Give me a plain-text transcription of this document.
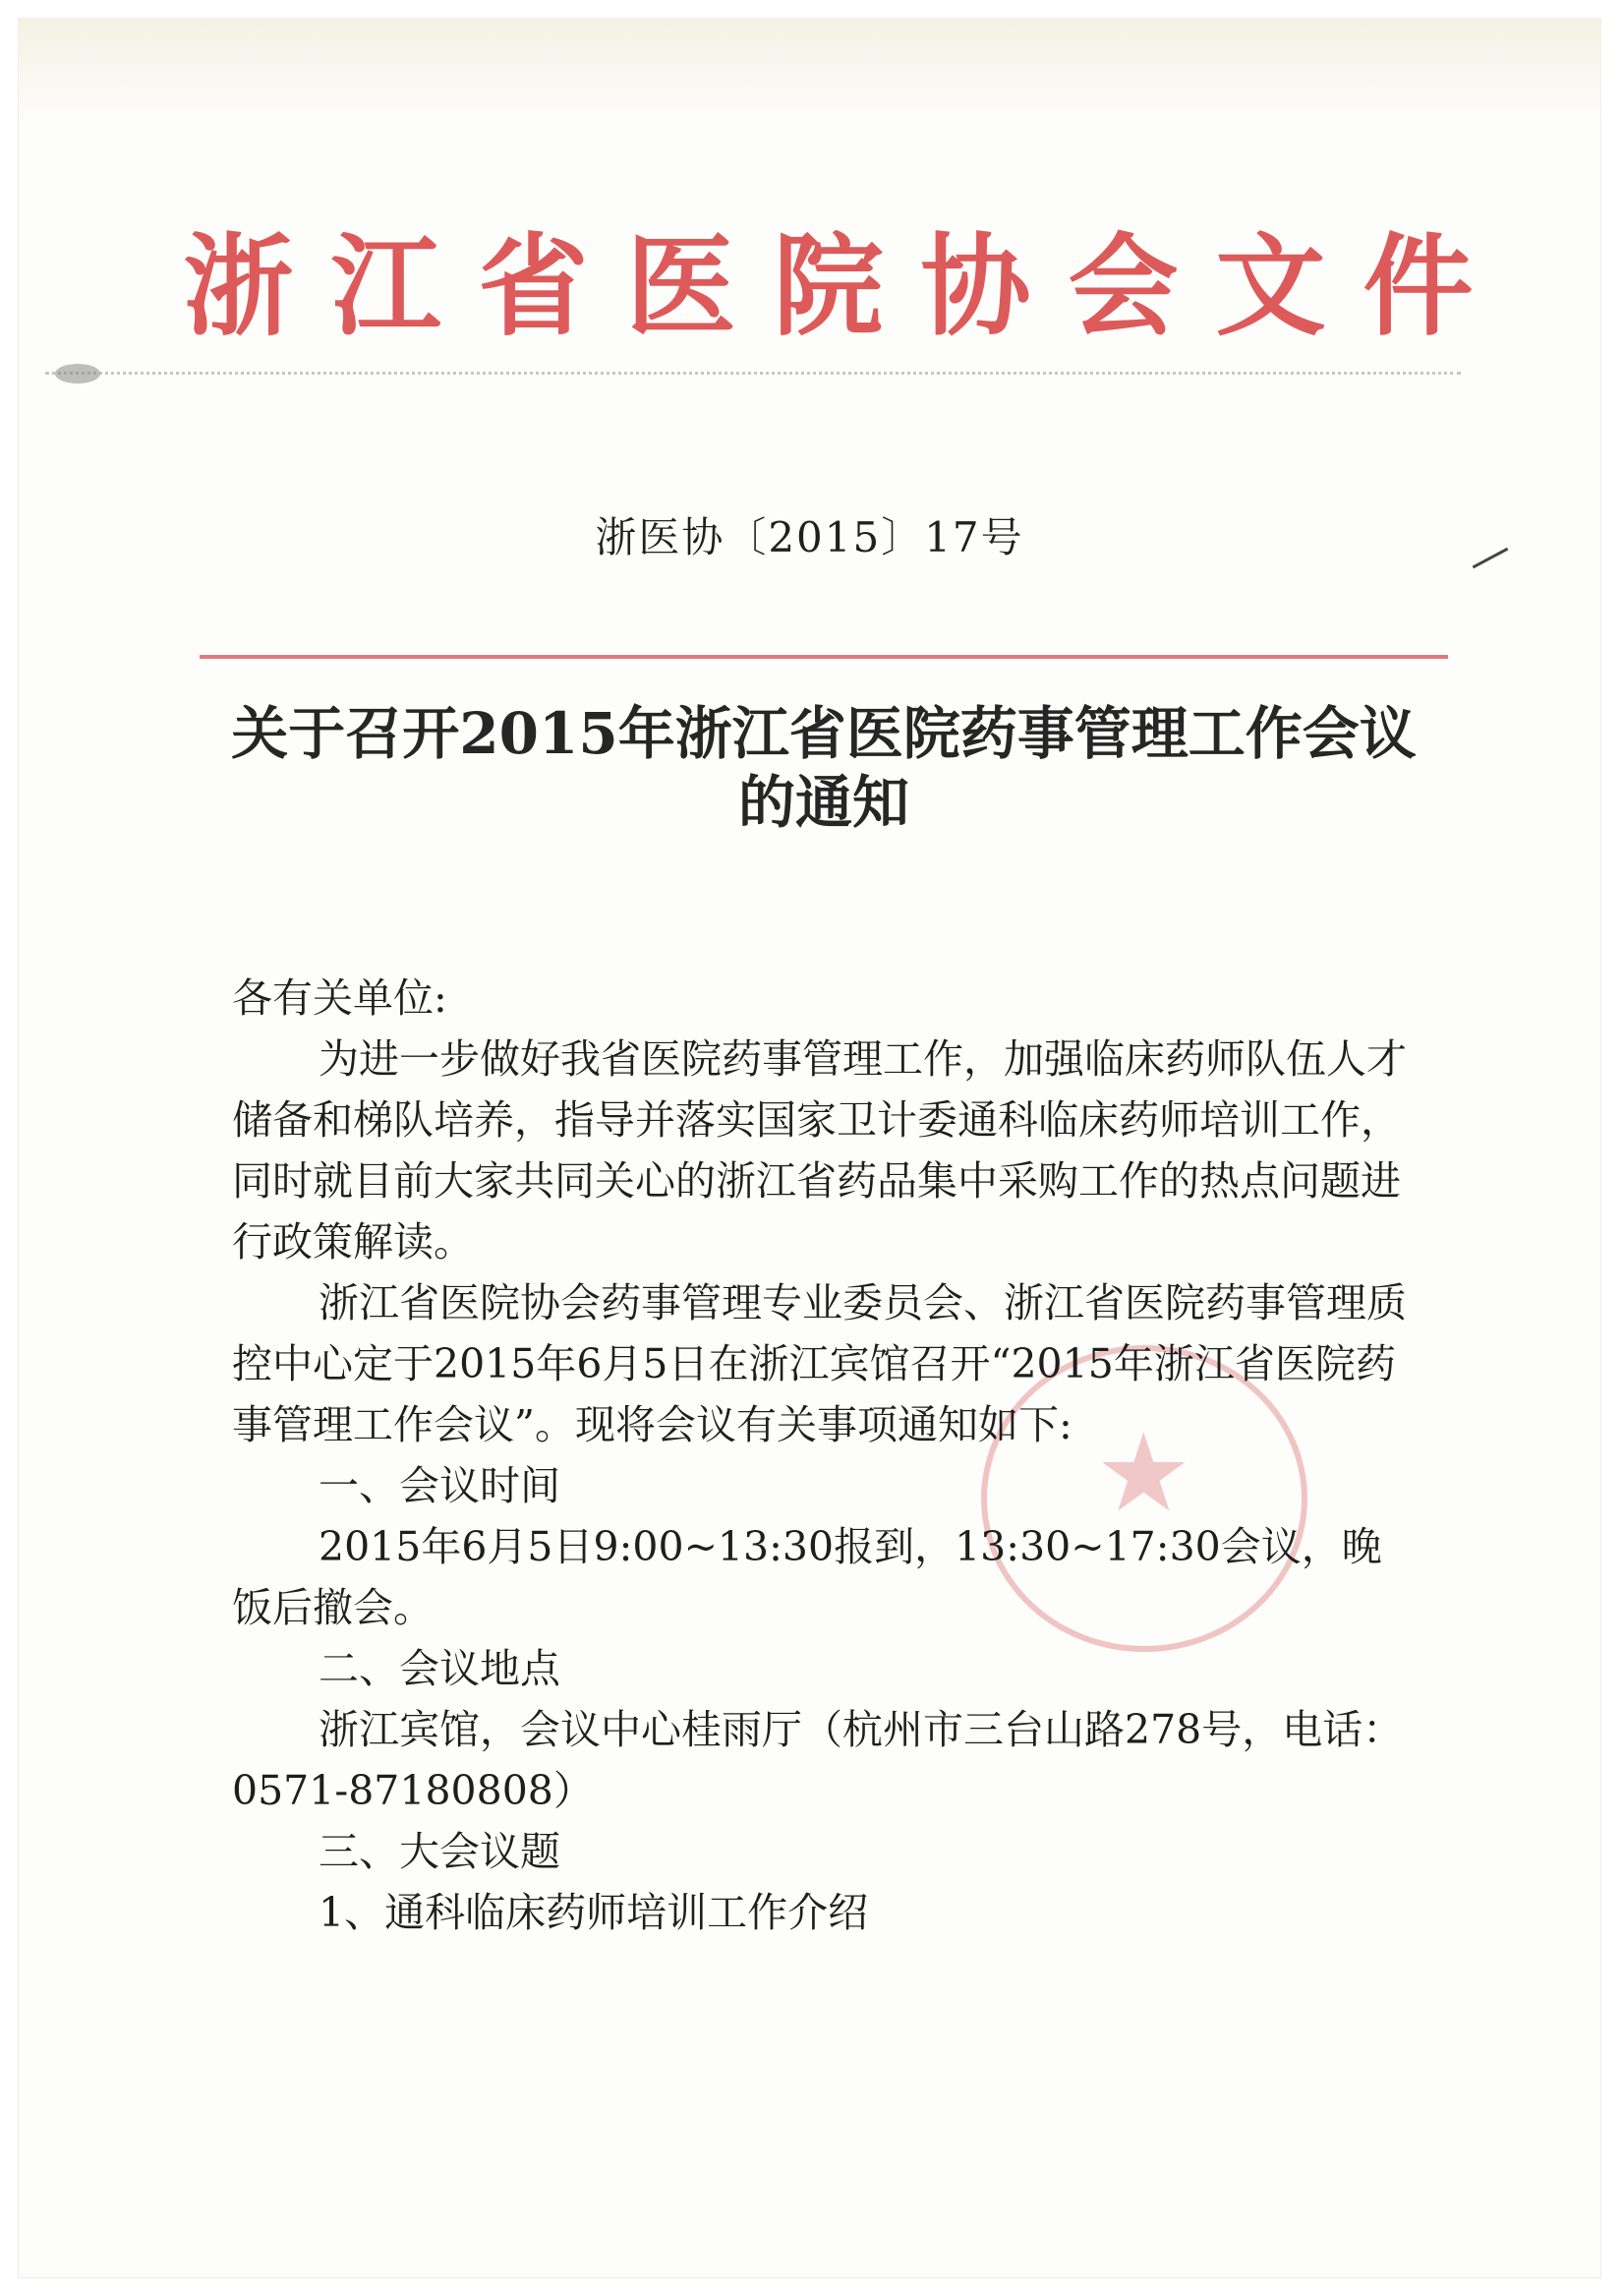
浙江省医院协会文件
浙医协〔2015〕17号
关于召开2015年浙江省医院药事管理工作会议
的通知
★

各有关单位:

为进一步做好我省医院药事管理工作，加强临床药师队伍人才储备和梯队培养，指导并落实国家卫计委通科临床药师培训工作，同时就目前大家共同关心的浙江省药品集中采购工作的热点问题进行政策解读。

浙江省医院协会药事管理专业委员会、浙江省医院药事管理质控中心定于2015年6月5日在浙江宾馆召开“2015年浙江省医院药事管理工作会议”。现将会议有关事项通知如下:

一、会议时间

2015年6月5日9:00~13:30报到，13:30~17:30会议，晚饭后撤会。

二、会议地点

浙江宾馆，会议中心桂雨厅（杭州市三台山路278号，电话：0571-87180808）

三、大会议题

1、通科临床药师培训工作介绍
